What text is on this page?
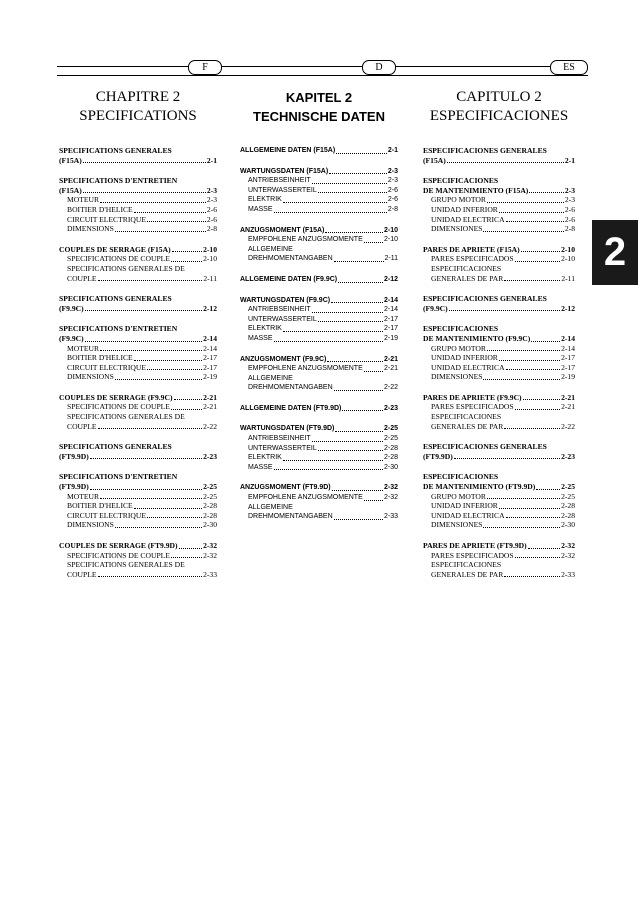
F	D	ES
CHAPITRE 2
SPECIFICATIONS
SPECIFICATIONS GENERALES
(F15A)	2-1
SPECIFICATIONS D'ENTRETIEN
(F15A)	2-3
MOTEUR	2-3
BOITIER D'HELICE	2-6
CIRCUIT ELECTRIQUE	2-6
DIMENSIONS	2-8
COUPLES DE SERRAGE (F15A)	2-10
SPECIFICATIONS DE COUPLE	2-10
SPECIFICATIONS GENERALES DE
COUPLE	2-11
SPECIFICATIONS GENERALES
(F9.9C)	2-12
SPECIFICATIONS D'ENTRETIEN
(F9.9C)	2-14
MOTEUR	2-14
BOITIER D'HELICE	2-17
CIRCUIT ELECTRIQUE	2-17
DIMENSIONS	2-19
COUPLES DE SERRAGE (F9.9C)	2-21
SPECIFICATIONS DE COUPLE	2-21
SPECIFICATIONS GENERALES DE
COUPLE	2-22
SPECIFICATIONS GENERALES
(FT9.9D)	2-23
SPECIFICATIONS D'ENTRETIEN
(FT9.9D)	2-25
MOTEUR	2-25
BOITIER D'HELICE	2-28
CIRCUIT ELECTRIQUE	2-28
DIMENSIONS	2-30
COUPLES DE SERRAGE (FT9.9D)	2-32
SPECIFICATIONS DE COUPLE	2-32
SPECIFICATIONS GENERALES DE
COUPLE	2-33
KAPITEL 2
TECHNISCHE DATEN
ALLGEMEINE DATEN (F15A)	2-1
WARTUNGSDATEN (F15A)	2-3
ANTRIEBSEINHEIT	2-3
UNTERWASSERTEIL	2-6
ELEKTRIK	2-6
MASSE	2-8
ANZUGSMOMENT (F15A)	2-10
EMPFOHLENE ANZUGSMOMENTE	2-10
ALLGEMEINE
DREHMOMENTANGABEN	2-11
ALLGEMEINE DATEN (F9.9C)	2-12
WARTUNGSDATEN (F9.9C)	2-14
ANTRIEBSEINHEIT	2-14
UNTERWASSERTEIL	2-17
ELEKTRIK	2-17
MASSE	2-19
ANZUGSMOMENT (F9.9C)	2-21
EMPFOHLENE ANZUGSMOMENTE	2-21
ALLGEMEINE
DREHMOMENTANGABEN	2-22
ALLGEMEINE DATEN (FT9.9D)	2-23
WARTUNGSDATEN (FT9.9D)	2-25
ANTRIEBSEINHEIT	2-25
UNTERWASSERTEIL	2-28
ELEKTRIK	2-28
MASSE	2-30
ANZUGSMOMENT (FT9.9D)	2-32
EMPFOHLENE ANZUGSMOMENTE	2-32
ALLGEMEINE
DREHMOMENTANGABEN	2-33
CAPITULO 2
ESPECIFICACIONES
ESPECIFICACIONES GENERALES
(F15A)	2-1
ESPECIFICACIONES
DE MANTENIMIENTO (F15A)	2-3
GRUPO MOTOR	2-3
UNIDAD INFERIOR	2-6
UNIDAD ELECTRICA	2-6
DIMENSIONES	2-8
PARES DE APRIETE (F15A)	2-10
PARES ESPECIFICADOS	2-10
ESPECIFICACIONES
GENERALES DE PAR	2-11
ESPECIFICACIONES GENERALES
(F9.9C)	2-12
ESPECIFICACIONES
DE MANTENIMIENTO (F9.9C)	2-14
GRUPO MOTOR	2-14
UNIDAD INFERIOR	2-17
UNIDAD ELECTRICA	2-17
DIMENSIONES	2-19
PARES DE APRIETE (F9.9C)	2-21
PARES ESPECIFICADOS	2-21
ESPECIFICACIONES
GENERALES DE PAR	2-22
ESPECIFICACIONES GENERALES
(FT9.9D)	2-23
ESPECIFICACIONES
DE MANTENIMIENTO (FT9.9D)	2-25
GRUPO MOTOR	2-25
UNIDAD INFERIOR	2-28
UNIDAD ELECTRICA	2-28
DIMENSIONES	2-30
PARES DE APRIETE (FT9.9D)	2-32
PARES ESPECIFICADOS	2-32
ESPECIFICACIONES
GENERALES DE PAR	2-33
2
